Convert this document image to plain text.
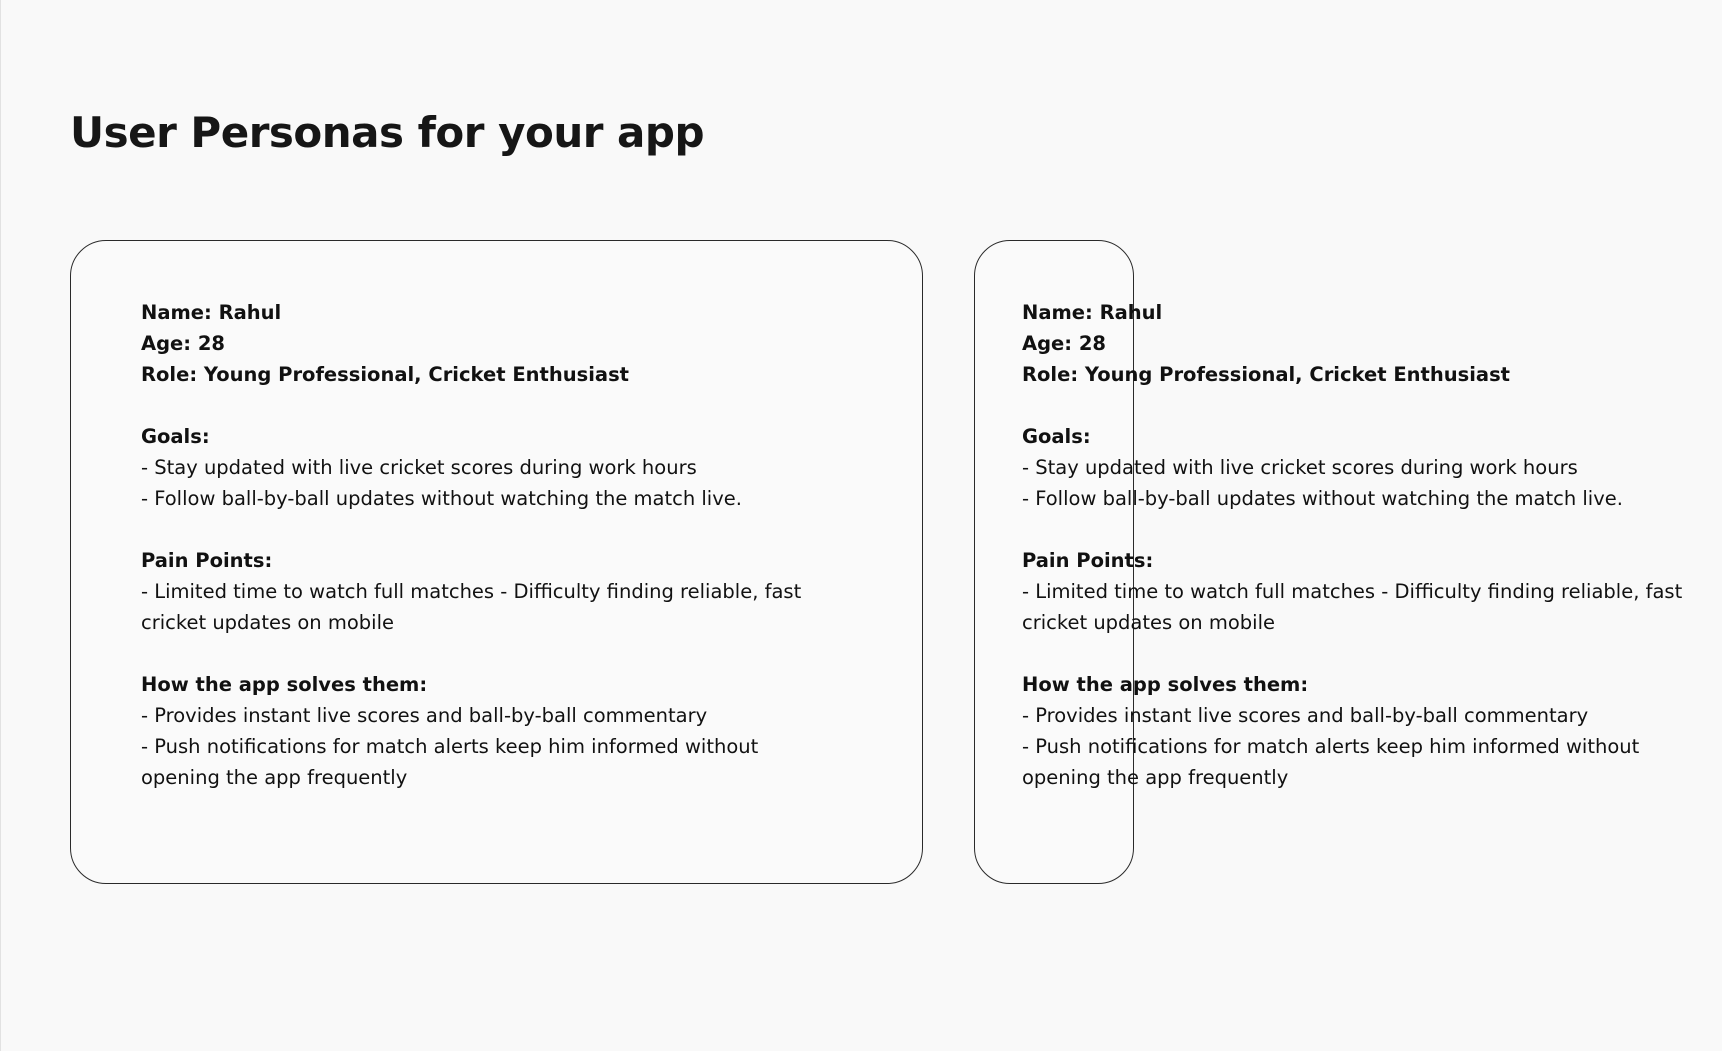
User Personas for your app
Name: Rahul
Age: 28
Role: Young Professional, Cricket Enthusiast
Goals:
- Stay updated with live cricket scores during work hours
- Follow ball-by-ball updates without watching the match live.
Pain Points:
- Limited time to watch full matches - Difficulty finding reliable, fast cricket updates on mobile
How the app solves them:
- Provides instant live scores and ball-by-ball commentary
- Push notifications for match alerts keep him informed without opening the app frequently
Name: Rahul
Age: 28
Role: Young Professional, Cricket Enthusiast
Goals:
- Stay updated with live cricket scores during work hours
- Follow ball-by-ball updates without watching the match live.
Pain Points:
- Limited time to watch full matches - Difficulty finding reliable, fast cricket updates on mobile
How the app solves them:
- Provides instant live scores and ball-by-ball commentary
- Push notifications for match alerts keep him informed without opening the app frequently
